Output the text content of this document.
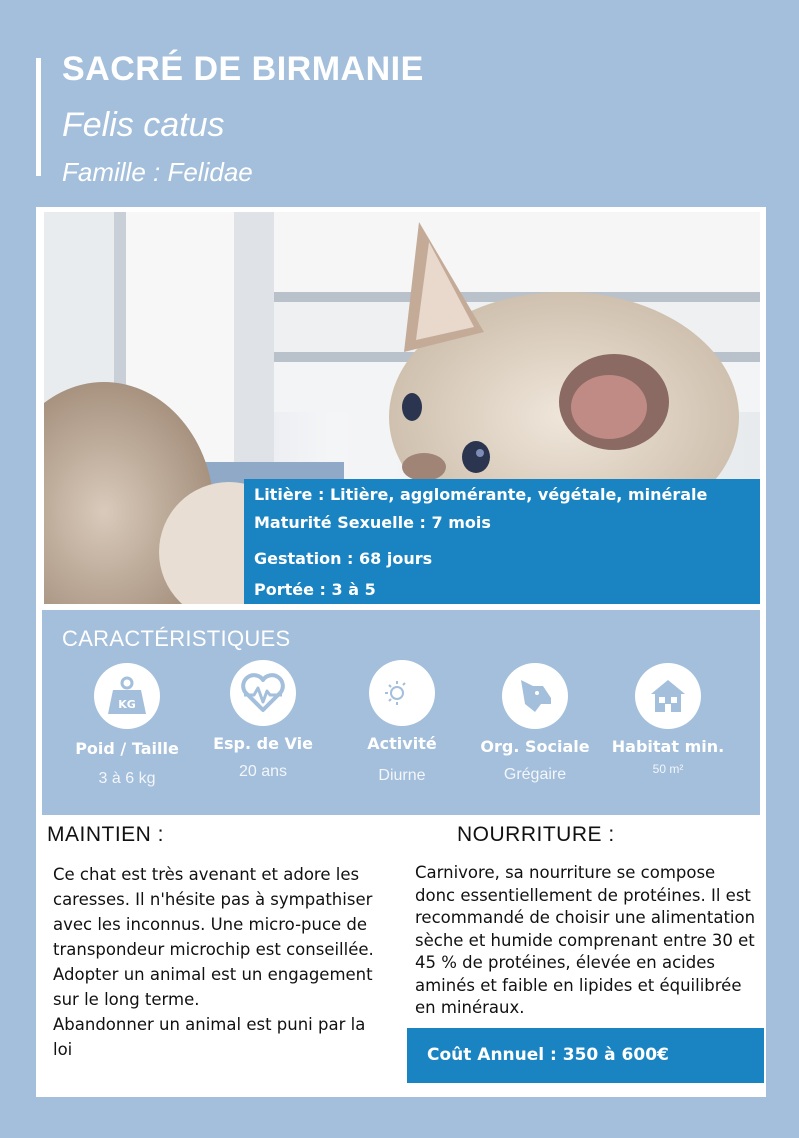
SACRÉ DE BIRMANIE
Felis catus
Famille : Felidae
Litière : Litière, agglomérante, végétale, minérale
Maturité Sexuelle : 7 mois
Gestation : 68 jours
Portée : 3 à 5
CARACTÉRISTIQUES
KG
Poid / Taille
3 à 6 kg
Esp. de Vie
20 ans
Activité
Diurne
Org. Sociale
Grégaire
Habitat min.
50 m²
MAINTIEN :	NOURRITURE :
Ce chat est très avenant et adore les
caresses. Il n'hésite pas à sympathiser
avec les inconnus. Une micro-puce de
transpondeur microchip est conseillée.
Adopter un animal est un engagement
sur le long terme.
Abandonner un animal est puni par la
loi
Carnivore, sa nourriture se compose
donc essentiellement de protéines. Il est
recommandé de choisir une alimentation
sèche et humide comprenant entre 30 et
45 % de protéines, élevée en acides
aminés et faible en lipides et équilibrée
en minéraux.
Coût Annuel : 350 à 600€
